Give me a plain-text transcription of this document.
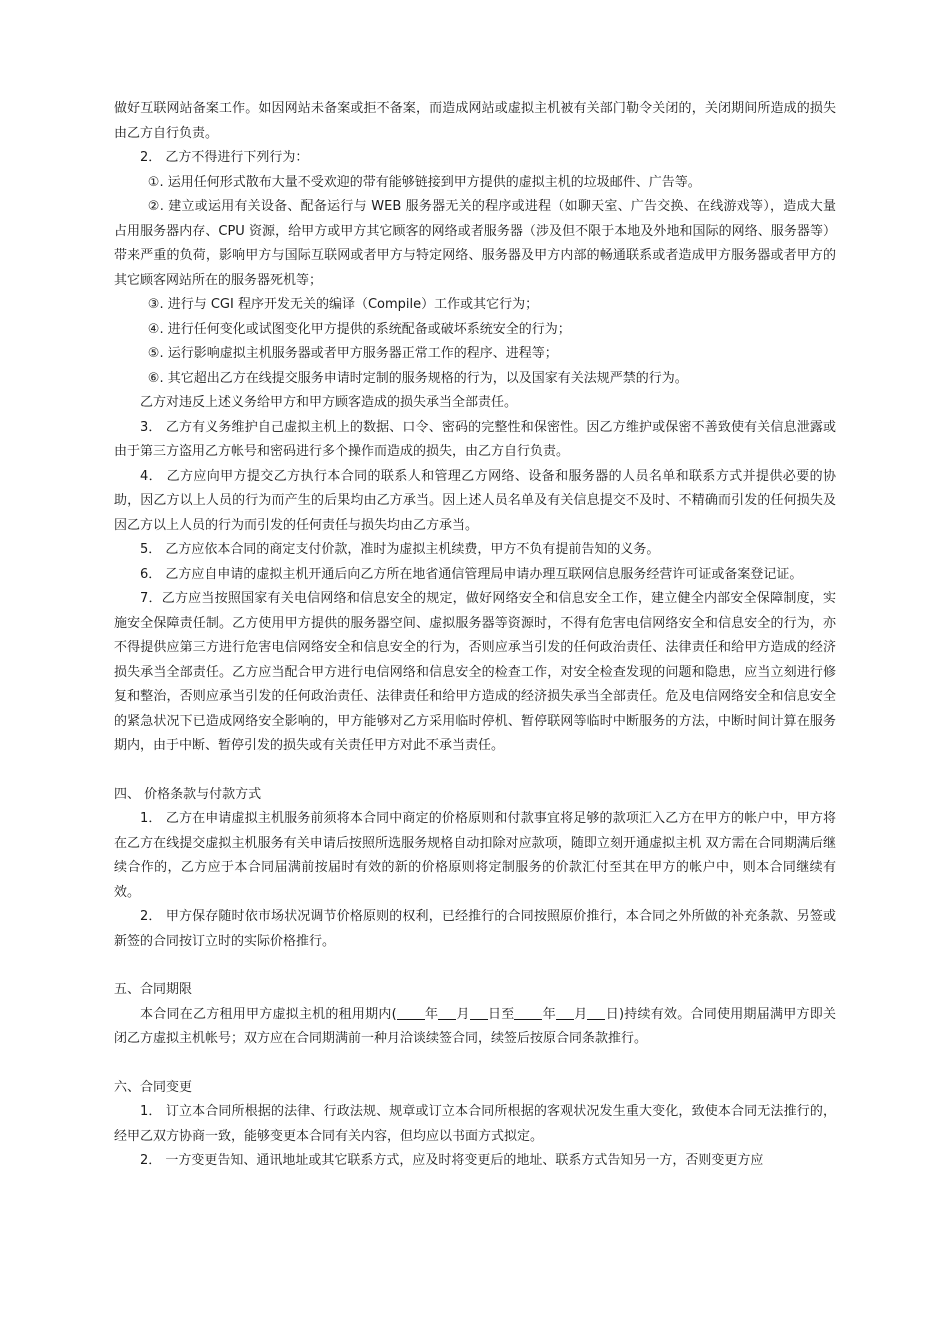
做好互联网站备案工作。如因网站未备案或拒不备案，而造成网站或虚拟主机被有关部门勒令关闭的，关闭期间所造成的损失由乙方自行负责。

2． 乙方不得进行下列行为：

①. 运用任何形式散布大量不受欢迎的带有能够链接到甲方提供的虚拟主机的垃圾邮件、广告等。

②. 建立或运用有关设备、配备运行与 WEB 服务器无关的程序或进程（如聊天室、广告交换、在线游戏等），造成大量占用服务器内存、CPU 资源，给甲方或甲方其它顾客的网络或者服务器（涉及但不限于本地及外地和国际的网络、服务器等）带来严重的负荷，影响甲方与国际互联网或者甲方与特定网络、服务器及甲方内部的畅通联系或者造成甲方服务器或者甲方的其它顾客网站所在的服务器死机等；

③. 进行与 CGI 程序开发无关的编译（Compile）工作或其它行为；

④. 进行任何变化或试图变化甲方提供的系统配备或破坏系统安全的行为；

⑤. 运行影响虚拟主机服务器或者甲方服务器正常工作的程序、进程等；

⑥. 其它超出乙方在线提交服务申请时定制的服务规格的行为，以及国家有关法规严禁的行为。

乙方对违反上述义务给甲方和甲方顾客造成的损失承当全部责任。

3． 乙方有义务维护自己虚拟主机上的数据、口令、密码的完整性和保密性。因乙方维护或保密不善致使有关信息泄露或由于第三方盗用乙方帐号和密码进行多个操作而造成的损失，由乙方自行负责。

4． 乙方应向甲方提交乙方执行本合同的联系人和管理乙方网络、设备和服务器的人员名单和联系方式并提供必要的协助，因乙方以上人员的行为而产生的后果均由乙方承当。因上述人员名单及有关信息提交不及时、不精确而引发的任何损失及因乙方以上人员的行为而引发的任何责任与损失均由乙方承当。

5． 乙方应依本合同的商定支付价款，准时为虚拟主机续费，甲方不负有提前告知的义务。

6． 乙方应自申请的虚拟主机开通后向乙方所在地省通信管理局申请办理互联网信息服务经营许可证或备案登记证。

7．乙方应当按照国家有关电信网络和信息安全的规定，做好网络安全和信息安全工作，建立健全内部安全保障制度，实施安全保障责任制。乙方使用甲方提供的服务器空间、虚拟服务器等资源时，不得有危害电信网络安全和信息安全的行为，亦不得提供应第三方进行危害电信网络安全和信息安全的行为，否则应承当引发的任何政治责任、法律责任和给甲方造成的经济损失承当全部责任。乙方应当配合甲方进行电信网络和信息安全的检查工作，对安全检查发现的问题和隐患，应当立刻进行修复和整治，否则应承当引发的任何政治责任、法律责任和给甲方造成的经济损失承当全部责任。危及电信网络安全和信息安全的紧急状况下已造成网络安全影响的，甲方能够对乙方采用临时停机、暂停联网等临时中断服务的方法，中断时间计算在服务期内，由于中断、暂停引发的损失或有关责任甲方对此不承当责任。

四、 价格条款与付款方式

1． 乙方在申请虚拟主机服务前须将本合同中商定的价格原则和付款事宜将足够的款项汇入乙方在甲方的帐户中，甲方将在乙方在线提交虚拟主机服务有关申请后按照所选服务规格自动扣除对应款项，随即立刻开通虚拟主机 双方需在合同期满后继续合作的，乙方应于本合同届满前按届时有效的新的价格原则将定制服务的价款汇付至其在甲方的帐户中，则本合同继续有效。

2． 甲方保存随时依市场状况调节价格原则的权利，已经推行的合同按照原价推行，本合同之外所做的补充条款、另签或新签的合同按订立时的实际价格推行。

五、合同期限

本合同在乙方租用甲方虚拟主机的租用期内( 年 月 日至 年 月 日)持续有效。合同使用期届满甲方即关闭乙方虚拟主机帐号；双方应在合同期满前一种月洽谈续签合同，续签后按原合同条款推行。

六、合同变更

1． 订立本合同所根据的法律、行政法规、规章或订立本合同所根据的客观状况发生重大变化，致使本合同无法推行的，经甲乙双方协商一致，能够变更本合同有关内容，但均应以书面方式拟定。

2． 一方变更告知、通讯地址或其它联系方式，应及时将变更后的地址、联系方式告知另一方，否则变更方应
